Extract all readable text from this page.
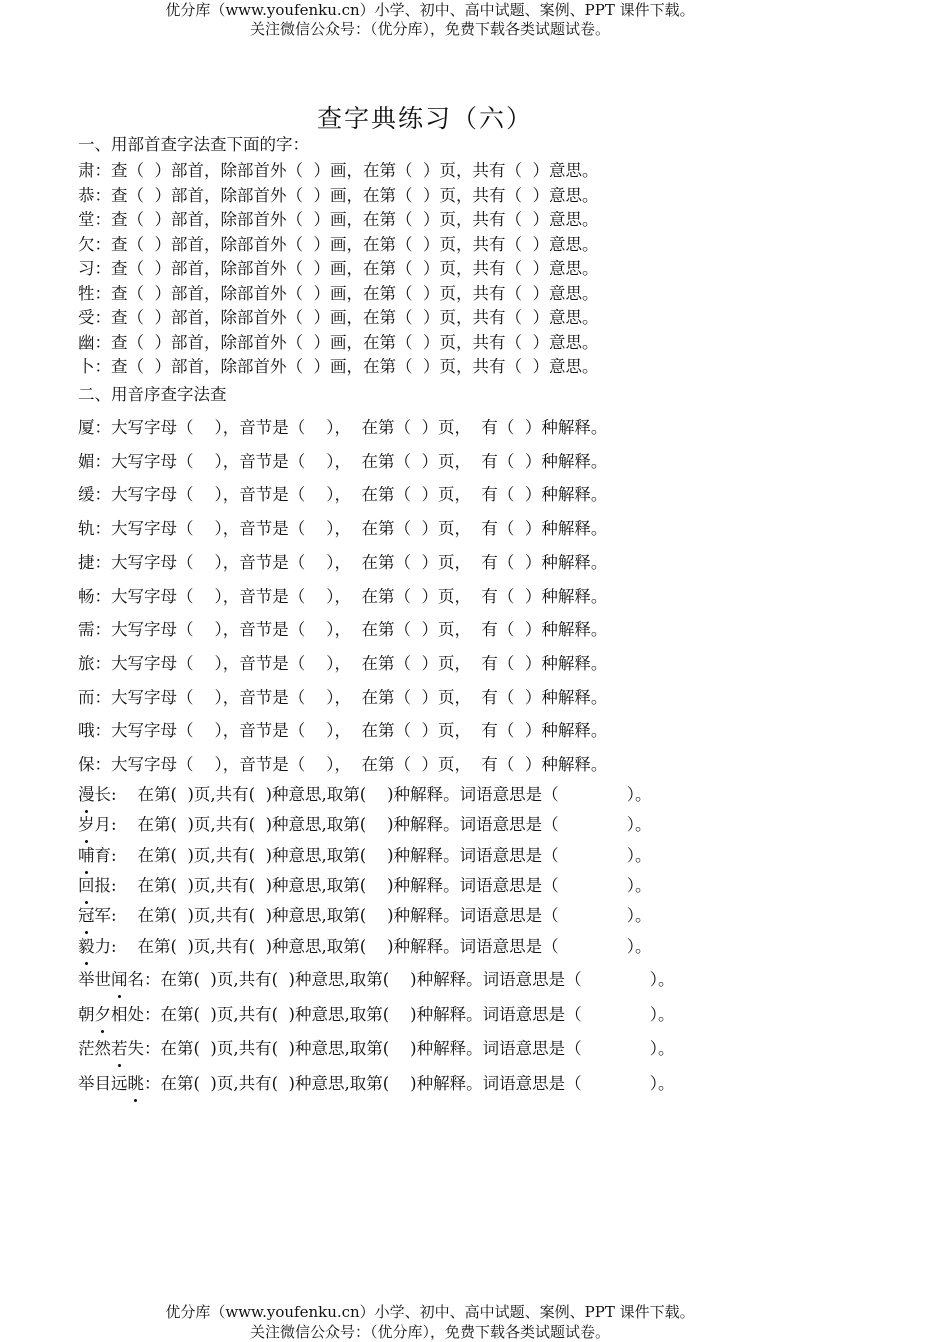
优分库（www.youfenku.cn）小学、初中、高中试题、案例、PPT 课件下载。
关注微信公众号：（优分库），免费下载各类试题试卷。
查字典练习（六）
一、用部首查字法查下面的字：
肃：查（  ）部首，除部首外（  ）画，在第（  ）页，共有（  ）意思。
恭：查（  ）部首，除部首外（  ）画，在第（  ）页，共有（  ）意思。
堂：查（  ）部首，除部首外（  ）画，在第（  ）页，共有（  ）意思。
欠：查（  ）部首，除部首外（  ）画，在第（  ）页，共有（  ）意思。
习：查（  ）部首，除部首外（  ）画，在第（  ）页，共有（  ）意思。
牲：查（  ）部首，除部首外（  ）画，在第（  ）页，共有（  ）意思。
受：查（  ）部首，除部首外（  ）画，在第（  ）页，共有（  ）意思。
幽：查（  ）部首，除部首外（  ）画，在第（  ）页，共有（  ）意思。
卜：查（  ）部首，除部首外（  ）画，在第（  ）页，共有（  ）意思。
二、用音序查字法查
厦：大写字母（    ），音节是（    ），  在第（  ）页，  有（  ）种解释。
媚：大写字母（    ），音节是（    ），  在第（  ）页，  有（  ）种解释。
缓：大写字母（    ），音节是（    ），  在第（  ）页，  有（  ）种解释。
轨：大写字母（    ），音节是（    ），  在第（  ）页，  有（  ）种解释。
捷：大写字母（    ），音节是（    ），  在第（  ）页，  有（  ）种解释。
畅：大写字母（    ），音节是（    ），  在第（  ）页，  有（  ）种解释。
需：大写字母（    ），音节是（    ），  在第（  ）页，  有（  ）种解释。
旅：大写字母（    ），音节是（    ），  在第（  ）页，  有（  ）种解释。
而：大写字母（    ），音节是（    ），  在第（  ）页，  有（  ）种解释。
哦：大写字母（    ），音节是（    ），  在第（  ）页，  有（  ）种解释。
保：大写字母（    ），音节是（    ），  在第（  ）页，  有（  ）种解释。
漫长:    在第(  )页,共有(  )种意思,取第(    )种解释。词语意思是（             ）。
岁月:    在第(  )页,共有(  )种意思,取第(    )种解释。词语意思是（             ）。
哺育:    在第(  )页,共有(  )种意思,取第(    )种解释。词语意思是（             ）。
回报:    在第(  )页,共有(  )种意思,取第(    )种解释。词语意思是（             ）。
冠军:    在第(  )页,共有(  )种意思,取第(    )种解释。词语意思是（             ）。
毅力:    在第(  )页,共有(  )种意思,取第(    )种解释。词语意思是（             ）。
举世闻名：在第(  )页,共有(  )种意思,取第(    )种解释。词语意思是（             ）。
朝夕相处：在第(  )页,共有(  )种意思,取第(    )种解释。词语意思是（             ）。
茫然若失：在第(  )页,共有(  )种意思,取第(    )种解释。词语意思是（             ）。
举目远眺：在第(  )页,共有(  )种意思,取第(    )种解释。词语意思是（             ）。
优分库（www.youfenku.cn）小学、初中、高中试题、案例、PPT 课件下载。
关注微信公众号：（优分库），免费下载各类试题试卷。
